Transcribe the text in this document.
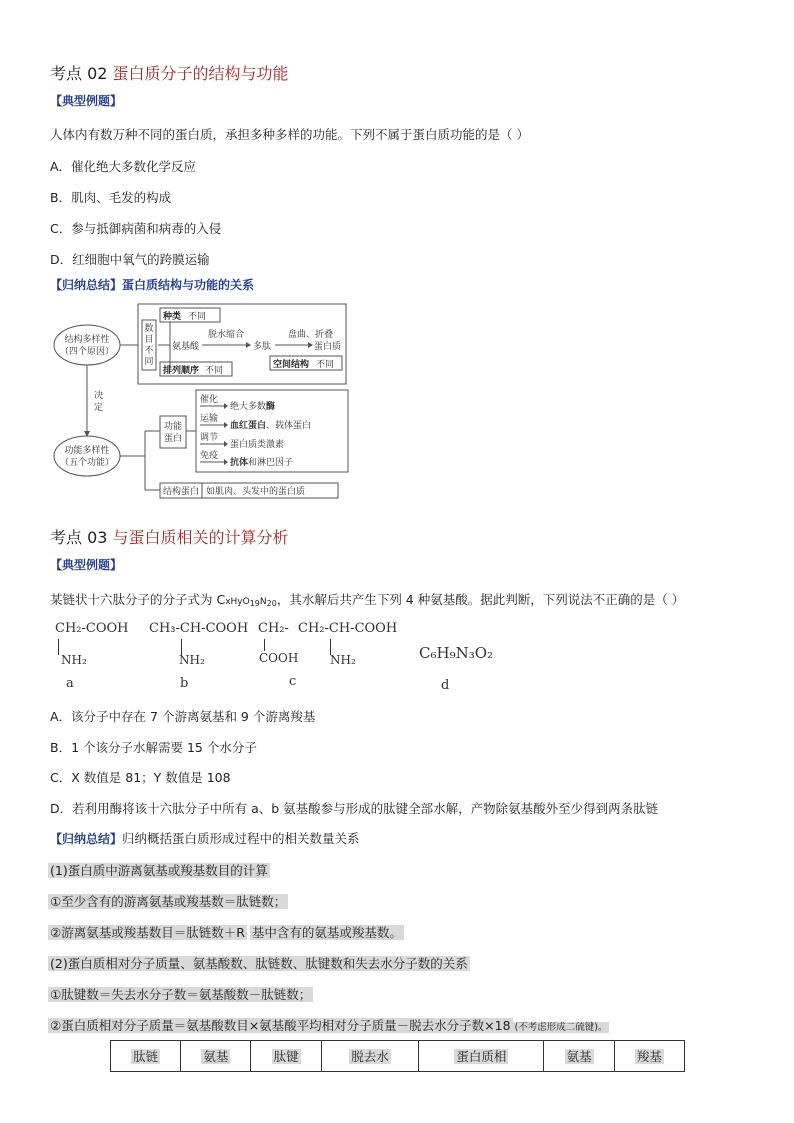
考点 02 蛋白质分子的结构与功能
【典型例题】
人体内有数万种不同的蛋白质，承担多种多样的功能。下列不属于蛋白质功能的是（ ）
A．催化绝大多数化学反应
B．肌肉、毛发的构成
C．参与抵御病菌和病毒的入侵
D．红细胞中氧气的跨膜运输
【归纳总结】蛋白质结构与功能的关系
结构多样性
（四个原因）
数
目
不
同
种类 不同
氨基酸
脱水缩合
多肽
盘曲、折叠
蛋白质
排列顺序 不同
空间结构 不同
决
定
功能多样性
（五个功能）
功能
蛋白
催化
绝大多数酶
运输
血红蛋白、载体蛋白
调节
蛋白质类激素
免疫
抗体和淋巴因子
结构蛋白 如肌肉、头发中的蛋白质
考点 03 与蛋白质相关的计算分析
【典型例题】
某链状十六肽分子的分子式为 CxHyO19N20，其水解后共产生下列 4 种氨基酸。据此判断，下列说法不正确的是（ ）
CH₂-COOH
NH₂
a
CH₃-CH-COOH
NH₂
b
CH₂- CH₂-CH-COOH
COOH	NH₂
c
C₆H₉N₃O₂
d
A．该分子中存在 7 个游离氨基和 9 个游离羧基
B．1 个该分子水解需要 15 个水分子
C．X 数值是 81；Y 数值是 108
D．若利用酶将该十六肽分子中所有 a、b 氨基酸参与形成的肽键全部水解，产物除氨基酸外至少得到两条肽链
【归纳总结】归纳概括蛋白质形成过程中的相关数量关系
(1)蛋白质中游离氨基或羧基数目的计算
①至少含有的游离氨基或羧基数＝肽链数；
②游离氨基或羧基数目＝肽链数＋R 基中含有的氨基或羧基数。
(2)蛋白质相对分子质量、氨基酸数、肽链数、肽键数和失去水分子数的关系
①肽键数＝失去水分子数＝氨基酸数－肽链数；
②蛋白质相对分子质量＝氨基酸数目×氨基酸平均相对分子质量－脱去水分子数×18 (不考虑形成二硫键)。
肽链	氨基	肽键	脱去水	蛋白质相	氨基	羧基
